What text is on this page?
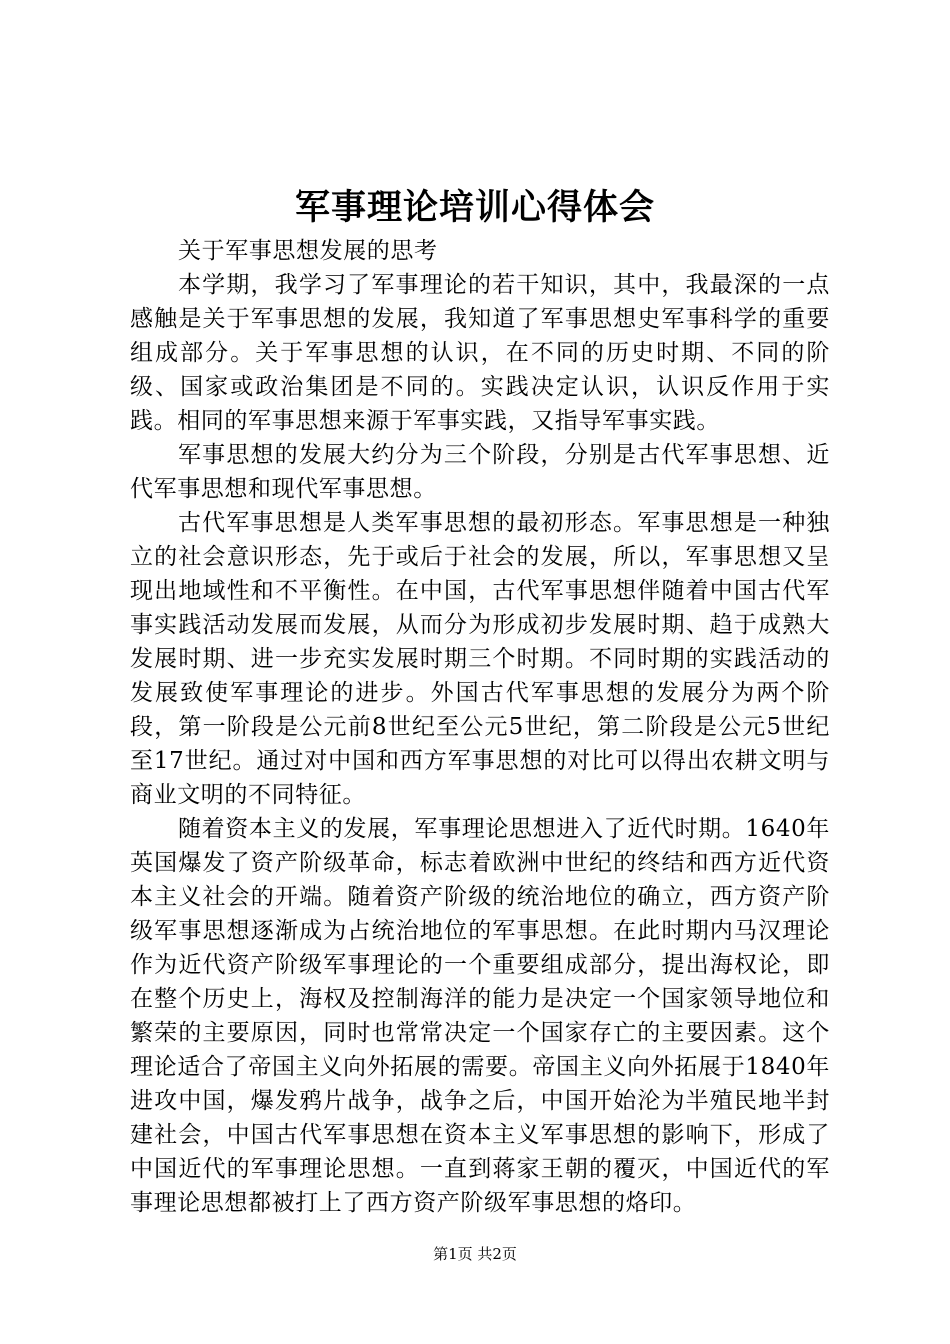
军事理论培训心得体会

关于军事思想发展的思考

本学期，我学习了军事理论的若干知识，其中，我最深的一点感触是关于军事思想的发展，我知道了军事思想史军事科学的重要组成部分。关于军事思想的认识，在不同的历史时期、不同的阶级、国家或政治集团是不同的。实践决定认识，认识反作用于实践。相同的军事思想来源于军事实践，又指导军事实践。

军事思想的发展大约分为三个阶段，分别是古代军事思想、近代军事思想和现代军事思想。

古代军事思想是人类军事思想的最初形态。军事思想是一种独立的社会意识形态，先于或后于社会的发展，所以，军事思想又呈现出地域性和不平衡性。在中国，古代军事思想伴随着中国古代军事实践活动发展而发展，从而分为形成初步发展时期、趋于成熟大发展时期、进一步充实发展时期三个时期。不同时期的实践活动的发展致使军事理论的进步。外国古代军事思想的发展分为两个阶段，第一阶段是公元前8世纪至公元5世纪，第二阶段是公元5世纪至17世纪。通过对中国和西方军事思想的对比可以得出农耕文明与商业文明的不同特征。

随着资本主义的发展，军事理论思想进入了近代时期。1640年英国爆发了资产阶级革命，标志着欧洲中世纪的终结和西方近代资本主义社会的开端。随着资产阶级的统治地位的确立，西方资产阶级军事思想逐渐成为占统治地位的军事思想。在此时期内马汉理论作为近代资产阶级军事理论的一个重要组成部分，提出海权论，即在整个历史上，海权及控制海洋的能力是决定一个国家领导地位和繁荣的主要原因，同时也常常决定一个国家存亡的主要因素。这个理论适合了帝国主义向外拓展的需要。帝国主义向外拓展于1840年进攻中国，爆发鸦片战争，战争之后，中国开始沦为半殖民地半封建社会，中国古代军事思想在资本主义军事思想的影响下，形成了中国近代的军事理论思想。一直到蒋家王朝的覆灭，中国近代的军事理论思想都被打上了西方资产阶级军事思想的烙印。

第1页 共2页
